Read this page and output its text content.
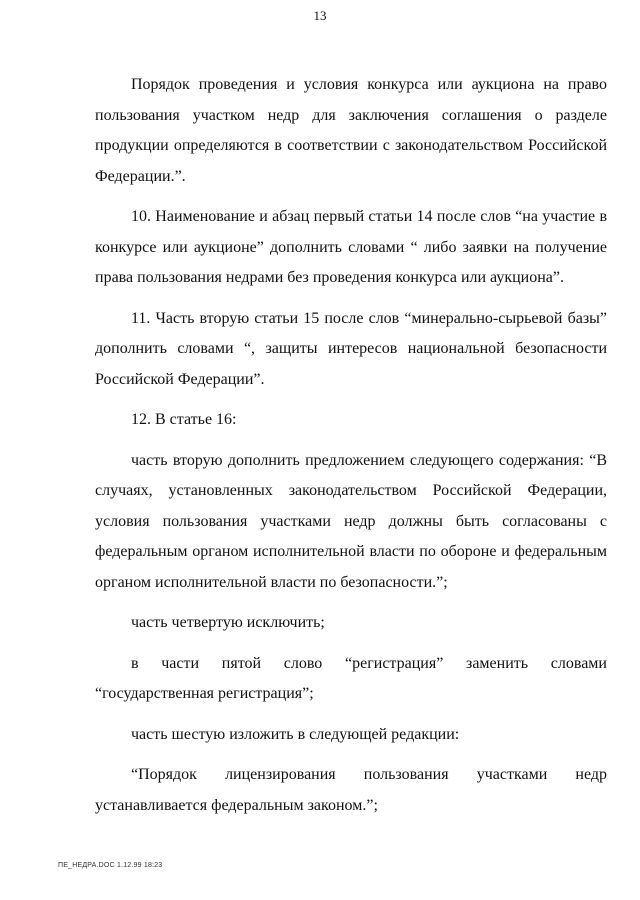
13

Порядок проведения и условия конкурса или аукциона на право пользования участком недр для заключения соглашения о разделе продукции определяются в соответствии с законодательством Российской Федерации.”.

10. Наименование и абзац первый статьи 14 после слов “на участие в конкурсе или аукционе” дополнить словами “ либо заявки на получение права пользования недрами без проведения конкурса или аукциона”.

11. Часть вторую статьи 15 после слов “минерально-сырьевой базы” дополнить словами “, защиты интересов национальной безопасности Российской Федерации”.

12. В статье 16:

часть вторую дополнить предложением следующего содержания: “В случаях, установленных законодательством Российской Федерации, условия пользования участками недр должны быть согласованы с федеральным органом исполнительной власти по обороне и федеральным органом исполнительной власти по безопасности.”;

часть четвертую исключить;

в части пятой слово “регистрация” заменить словами “государственная регистрация”;

часть шестую изложить в следующей редакции:

“Порядок лицензирования пользования участками недр устанавливается федеральным законом.”;

ПЕ_НЕДРА.DOC 1.12.99 18:23
